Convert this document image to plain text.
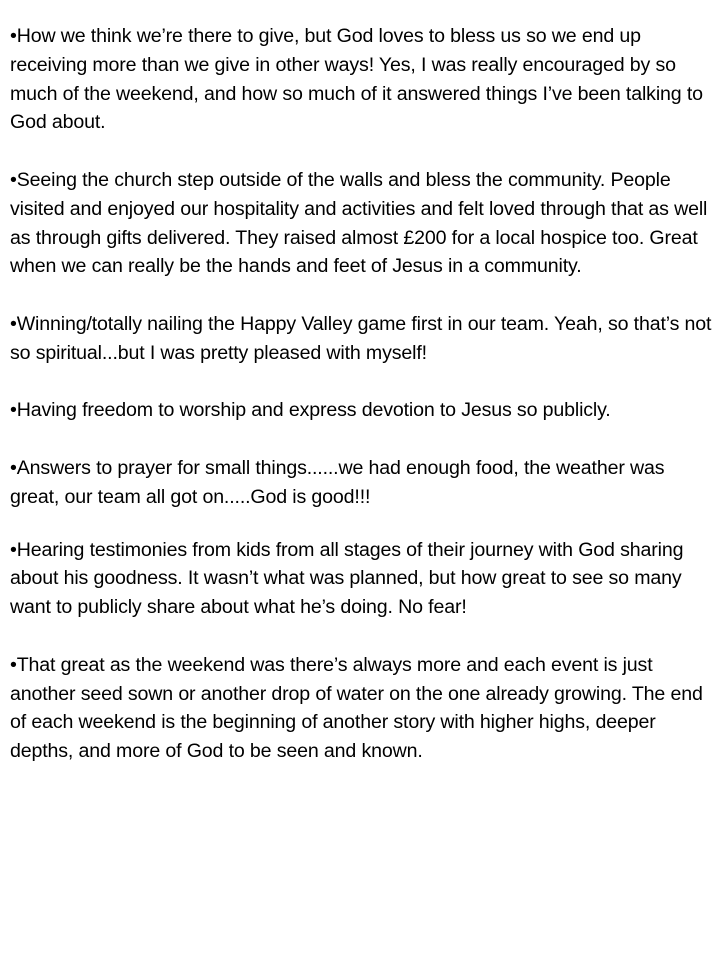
•How we think we’re there to give, but God loves to bless us so we end up receiving more than we give in other ways! Yes, I was really encouraged by so much of the weekend, and how so much of it answered things I’ve been talking to God about.

•Seeing the church step outside of the walls and bless the community. People visited and enjoyed our hospitality and activities and felt loved through that as well as through gifts delivered. They raised almost £200 for a local hospice too. Great when we can really be the hands and feet of Jesus in a community.

•Winning/totally nailing the Happy Valley game first in our team. Yeah, so that’s not so spiritual...but I was pretty pleased with myself!

•Having freedom to worship and express devotion to Jesus so publicly.

•Answers to prayer for small things......we had enough food, the weather was great, our team all got on.....God is good!!!

•Hearing testimonies from kids from all stages of their journey with God sharing about his goodness. It wasn’t what was planned, but how great to see so many want to publicly share about what he’s doing. No fear!

•That great as the weekend was there’s always more and each event is just another seed sown or another drop of water on the one already growing. The end of each weekend is the beginning of another story with higher highs, deeper depths, and more of God to be seen and known.
